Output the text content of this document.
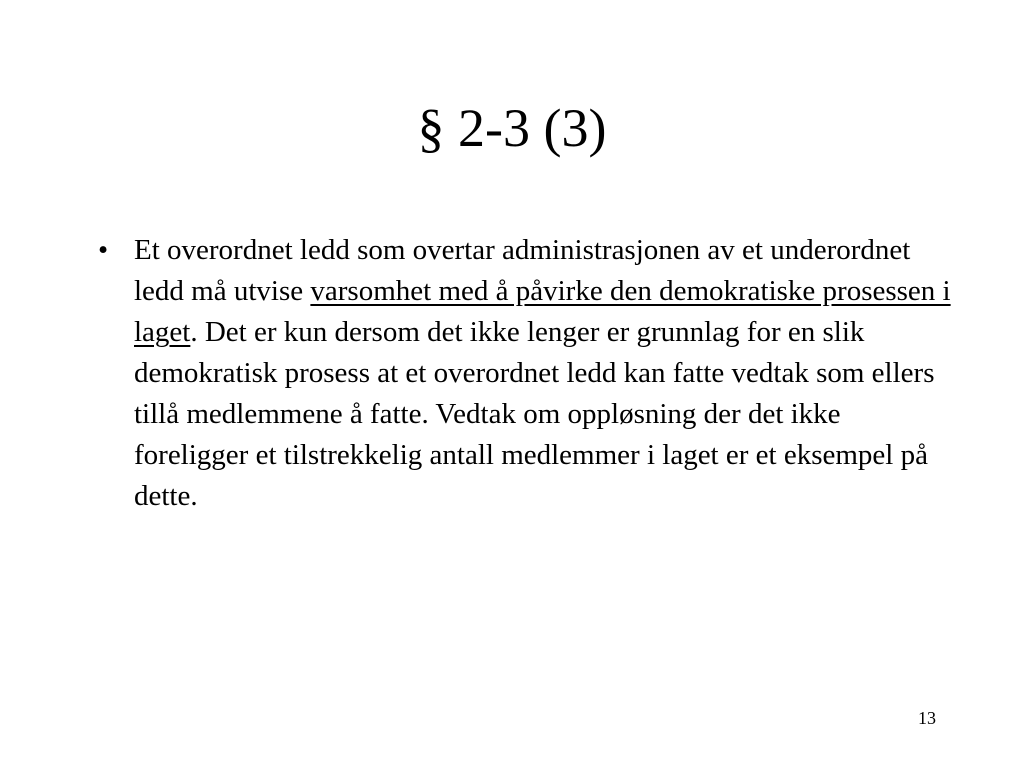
§ 2-3 (3)
• Et overordnet ledd som overtar administrasjonen av et underordnet ledd må utvise varsomhet med å påvirke den demokratiske prosessen i laget. Det er kun dersom det ikke lenger er grunnlag for en slik demokratisk prosess at et overordnet ledd kan fatte vedtak som ellers tillå medlemmene å fatte. Vedtak om oppløsning der det ikke foreligger et tilstrekkelig antall medlemmer i laget er et eksempel på dette.
13
